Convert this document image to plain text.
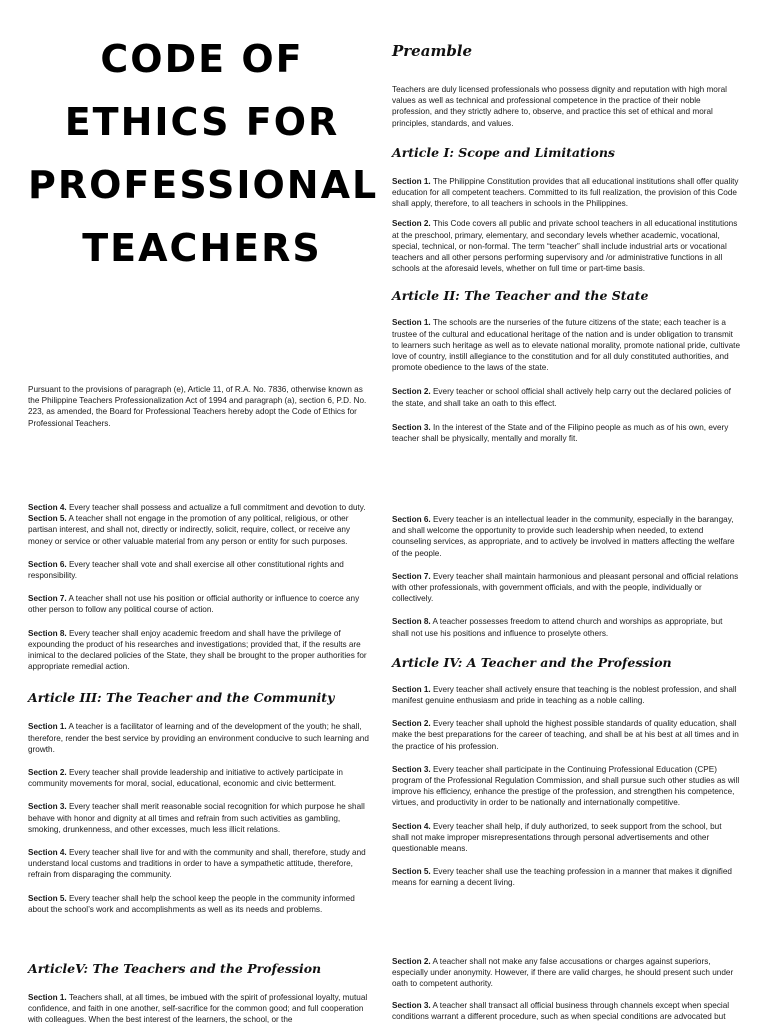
CODE OF
ETHICS FOR
PROFESSIONAL
TEACHERS

Pursuant to the provisions of paragraph (e), Article 11, of R.A. No. 7836, otherwise known as the Philippine Teachers Professionalization Act of 1994 and paragraph (a), section 6, P.D. No. 223, as amended, the Board for Professional Teachers hereby adopt the Code of Ethics for Professional Teachers.

Preamble

Teachers are duly licensed professionals who possess dignity and reputation with high moral values as well as technical and professional competence in the practice of their noble profession, and they strictly adhere to, observe, and practice this set of ethical and moral principles, standards, and values.

Article I: Scope and Limitations

Section 1. The Philippine Constitution provides that all educational institutions shall offer quality education for all competent teachers. Committed to its full realization, the provision of this Code shall apply, therefore, to all teachers in schools in the Philippines.

Section 2. This Code covers all public and private school teachers in all educational institutions at the preschool, primary, elementary, and secondary levels whether academic, vocational, special, technical, or non-formal. The term “teacher” shall include industrial arts or vocational teachers and all other persons performing supervisory and /or administrative functions in all schools at the aforesaid levels, whether on full time or part-time basis.

Article II: The Teacher and the State

Section 1. The schools are the nurseries of the future citizens of the state; each teacher is a trustee of the cultural and educational heritage of the nation and is under obligation to transmit to learners such heritage as well as to elevate national morality, promote national pride, cultivate love of country, instill allegiance to the constitution and for all duly constituted authorities, and promote obedience to the laws of the state.

Section 2. Every teacher or school official shall actively help carry out the declared policies of the state, and shall take an oath to this effect.

Section 3. In the interest of the State and of the Filipino people as much as of his own, every teacher shall be physically, mentally and morally fit.

Section 4. Every teacher shall possess and actualize a full commitment and devotion to duty.

Section 5. A teacher shall not engage in the promotion of any political, religious, or other partisan interest, and shall not, directly or indirectly, solicit, require, collect, or receive any money or service or other valuable material from any person or entity for such purposes.

Section 6. Every teacher shall vote and shall exercise all other constitutional rights and responsibility.

Section 7. A teacher shall not use his position or official authority or influence to coerce any other person to follow any political course of action.

Section 8. Every teacher shall enjoy academic freedom and shall have the privilege of expounding the product of his researches and investigations; provided that, if the results are inimical to the declared policies of the State, they shall be brought to the proper authorities for appropriate remedial action.

Article III: The Teacher and the Community

Section 1. A teacher is a facilitator of learning and of the development of the youth; he shall, therefore, render the best service by providing an environment conducive to such learning and growth.

Section 2. Every teacher shall provide leadership and initiative to actively participate in community movements for moral, social, educational, economic and civic betterment.

Section 3. Every teacher shall merit reasonable social recognition for which purpose he shall behave with honor and dignity at all times and refrain from such activities as gambling, smoking, drunkenness, and other excesses, much less illicit relations.

Section 4. Every teacher shall live for and with the community and shall, therefore, study and understand local customs and traditions in order to have a sympathetic attitude, therefore, refrain from disparaging the community.

Section 5. Every teacher shall help the school keep the people in the community informed about the school’s work and accomplishments as well as its needs and problems.

Section 6. Every teacher is an intellectual leader in the community, especially in the barangay, and shall welcome the opportunity to provide such leadership when needed, to extend counseling services, as appropriate, and to actively be involved in matters affecting the welfare of the people.

Section 7. Every teacher shall maintain harmonious and pleasant personal and official relations with other professionals, with government officials, and with the people, individually or collectively.

Section 8. A teacher possesses freedom to attend church and worships as appropriate, but shall not use his positions and influence to proselyte others.

Article IV: A Teacher and the Profession

Section 1. Every teacher shall actively ensure that teaching is the noblest profession, and shall manifest genuine enthusiasm and pride in teaching as a noble calling.

Section 2. Every teacher shall uphold the highest possible standards of quality education, shall make the best preparations for the career of teaching, and shall be at his best at all times and in the practice of his profession.

Section 3. Every teacher shall participate in the Continuing Professional Education (CPE) program of the Professional Regulation Commission, and shall pursue such other studies as will improve his efficiency, enhance the prestige of the profession, and strengthen his competence, virtues, and productivity in order to be nationally and internationally competitive.

Section 4. Every teacher shall help, if duly authorized, to seek support from the school, but shall not make improper misrepresentations through personal advertisements and other questionable means.

Section 5. Every teacher shall use the teaching profession in a manner that makes it dignified means for earning a decent living.

ArticleV: The Teachers and the Profession

Section 1. Teachers shall, at all times, be imbued with the spirit of professional loyalty, mutual confidence, and faith in one another, self-sacrifice for the common good; and full cooperation with colleagues. When the best interest of the learners, the school, or the

Section 2. A teacher shall not make any false accusations or charges against superiors, especially under anonymity. However, if there are valid charges, he should present such under oath to competent authority.

Section 3. A teacher shall transact all official business through channels except when special conditions warrant a different procedure, such as when special conditions are advocated but
